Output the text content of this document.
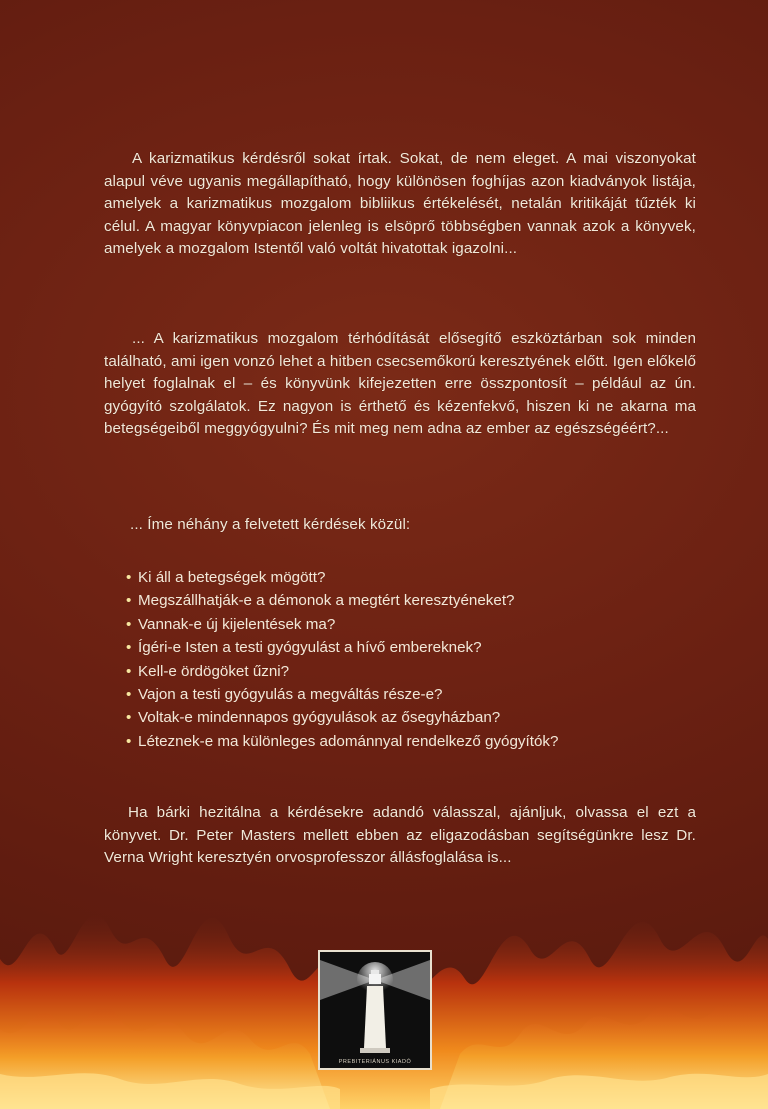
A karizmatikus kérdésről sokat írtak. Sokat, de nem eleget. A mai viszonyokat alapul véve ugyanis megállapítható, hogy különösen foghíjas azon kiadványok listája, amelyek a karizmatikus mozgalom bibliikus értékelését, netalán kritikáját tűzték ki célul. A magyar könyvpiacon jelenleg is elsöprő többségben vannak azok a könyvek, amelyek a mozgalom Istentől való voltát hivatottak igazolni...
... A karizmatikus mozgalom térhódítását elősegítő eszköztárban sok minden található, ami igen vonzó lehet a hitben csecsemőkorú keresztyének előtt. Igen előkelő helyet foglalnak el – és könyvünk kifejezetten erre összpontosít – például az ún. gyógyító szolgálatok. Ez nagyon is érthető és kézenfekvő, hiszen ki ne akarna ma betegségeiből meggyógyulni? És mit meg nem adna az ember az egészségéért?...
... Íme néhány a felvetett kérdések közül:
• Ki áll a betegségek mögött?
• Megszállhatják-e a démonok a megtért keresztyéneket?
• Vannak-e új kijelentések ma?
• Ígéri-e Isten a testi gyógyulást a hívő embereknek?
• Kell-e ördögöket űzni?
• Vajon a testi gyógyulás a megváltás része-e?
• Voltak-e mindennapos gyógyulások az ősegyházban?
• Léteznek-e ma különleges adománnyal rendelkező gyógyítók?
Ha bárki hezitálna a kérdésekre adandó válasszal, ajánljuk, olvassa el ezt a könyvet. Dr. Peter Masters mellett ebben az eligazodásban segítségünkre lesz Dr. Verna Wright keresztyén orvosprofesszor állásfoglalása is...
PREBITERIÁNUS KIADÓ
